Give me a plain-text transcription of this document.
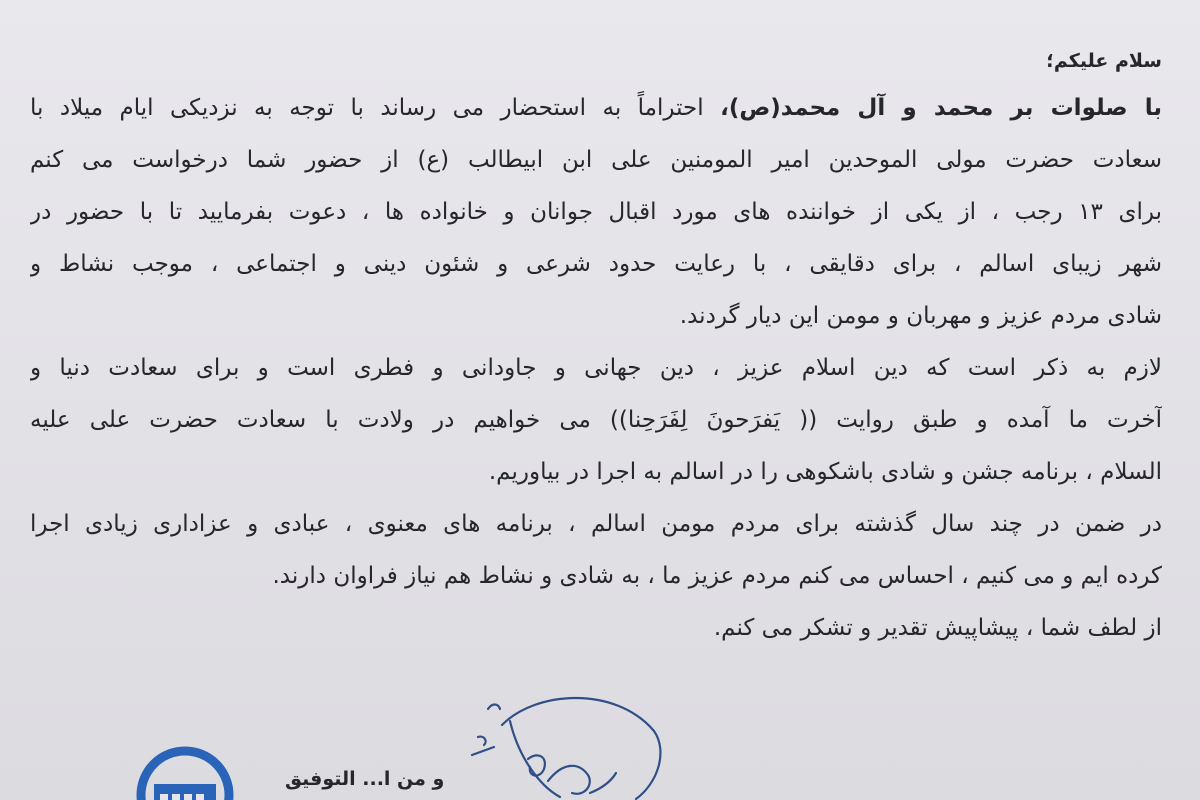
سلام علیکم؛
با صلوات بر محمد و آل محمد(ص)، احتراماً به استحضار می رساند با توجه به نزدیکی ایام میلاد با
سعادت حضرت مولی الموحدین امیر المومنین علی ابن ابیطالب (ع) از حضور شما درخواست می کنم
برای ۱۳ رجب ، از یکی از خواننده های مورد اقبال جوانان و خانواده ها ، دعوت بفرمایید تا با حضور در
شهر زیبای اسالم ، برای دقایقی ، با رعایت حدود شرعی و شئون دینی و اجتماعی ، موجب نشاط و
شادی مردم عزیز و مهربان و مومن این دیار گردند.
لازم به ذکر است که دین اسلام عزیز ، دین جهانی و جاودانی و فطری است و برای سعادت دنیا و
آخرت ما آمده و طبق روایت (( یَفرَحونَ لِفَرَحِنا)) می خواهیم در ولادت با سعادت حضرت علی علیه
السلام ، برنامه جشن و شادی باشکوهی را در اسالم به اجرا در بیاوریم.
در ضمن در چند سال گذشته برای مردم مومن اسالم ، برنامه های معنوی ، عبادی و عزاداری زیادی اجرا
کرده ایم و می کنیم ، احساس می کنم مردم عزیز ما ، به شادی و نشاط هم نیاز فراوان دارند.
از لطف شما ، پیشاپیش تقدیر و تشکر می کنم.
و من ا... التوفیق
